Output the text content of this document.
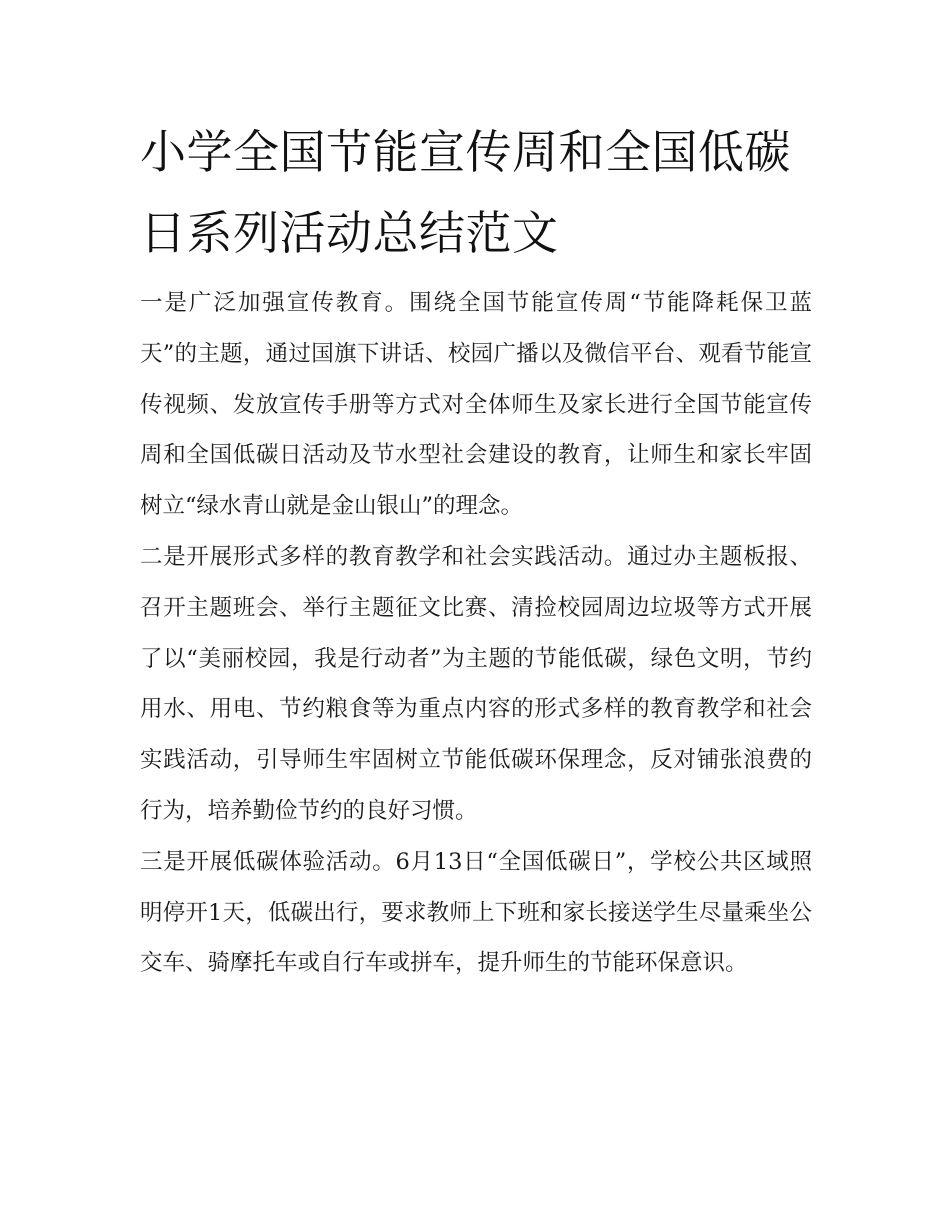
小学全国节能宣传周和全国低碳日系列活动总结范文

一是广泛加强宣传教育。围绕全国节能宣传周“节能降耗保卫蓝天”的主题，通过国旗下讲话、校园广播以及微信平台、观看节能宣传视频、发放宣传手册等方式对全体师生及家长进行全国节能宣传周和全国低碳日活动及节水型社会建设的教育，让师生和家长牢固树立“绿水青山就是金山银山”的理念。

二是开展形式多样的教育教学和社会实践活动。通过办主题板报、召开主题班会、举行主题征文比赛、清捡校园周边垃圾等方式开展了以“美丽校园，我是行动者”为主题的节能低碳，绿色文明，节约用水、用电、节约粮食等为重点内容的形式多样的教育教学和社会实践活动，引导师生牢固树立节能低碳环保理念，反对铺张浪费的行为，培养勤俭节约的良好习惯。

三是开展低碳体验活动。6月13日“全国低碳日”，学校公共区域照明停开1天，低碳出行，要求教师上下班和家长接送学生尽量乘坐公交车、骑摩托车或自行车或拼车，提升师生的节能环保意识。
